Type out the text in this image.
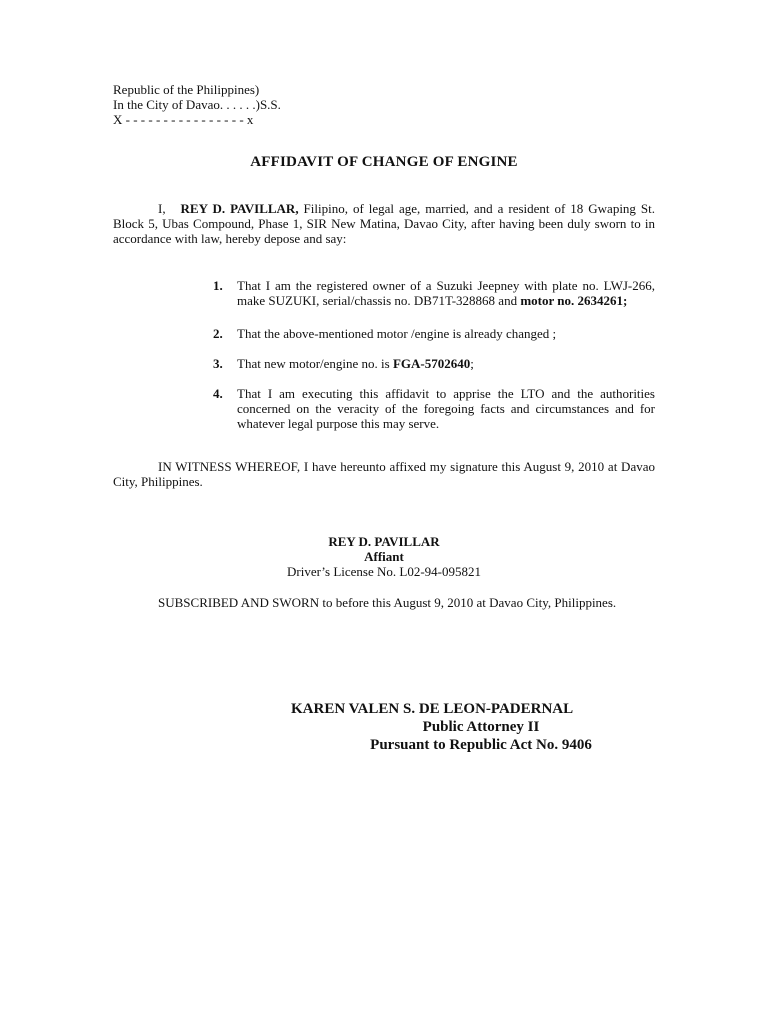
Republic of the Philippines)
In the City of Davao. . . . . .)S.S.
X - - - - - - - - - - - - - - - - x
AFFIDAVIT OF CHANGE OF ENGINE
I, REY D. PAVILLAR, Filipino, of legal age, married, and a resident of 18 Gwaping St. Block 5, Ubas Compound, Phase 1, SIR New Matina, Davao City, after having been duly sworn to in accordance with law, hereby depose and say:
1. That I am the registered owner of a Suzuki Jeepney with plate no. LWJ-266, make SUZUKI, serial/chassis no. DB71T-328868 and motor no. 2634261;
2. That the above-mentioned motor /engine is already changed ;
3. That new motor/engine no. is FGA-5702640;
4. That I am executing this affidavit to apprise the LTO and the authorities concerned on the veracity of the foregoing facts and circumstances and for whatever legal purpose this may serve.
IN WITNESS WHEREOF, I have hereunto affixed my signature this August 9, 2010 at Davao City, Philippines.
REY D. PAVILLAR
Affiant
Driver’s License No. L02-94-095821
SUBSCRIBED AND SWORN to before this August 9, 2010 at Davao City, Philippines.
KAREN VALEN S. DE LEON-PADERNAL
Public Attorney II
Pursuant to Republic Act No. 9406
